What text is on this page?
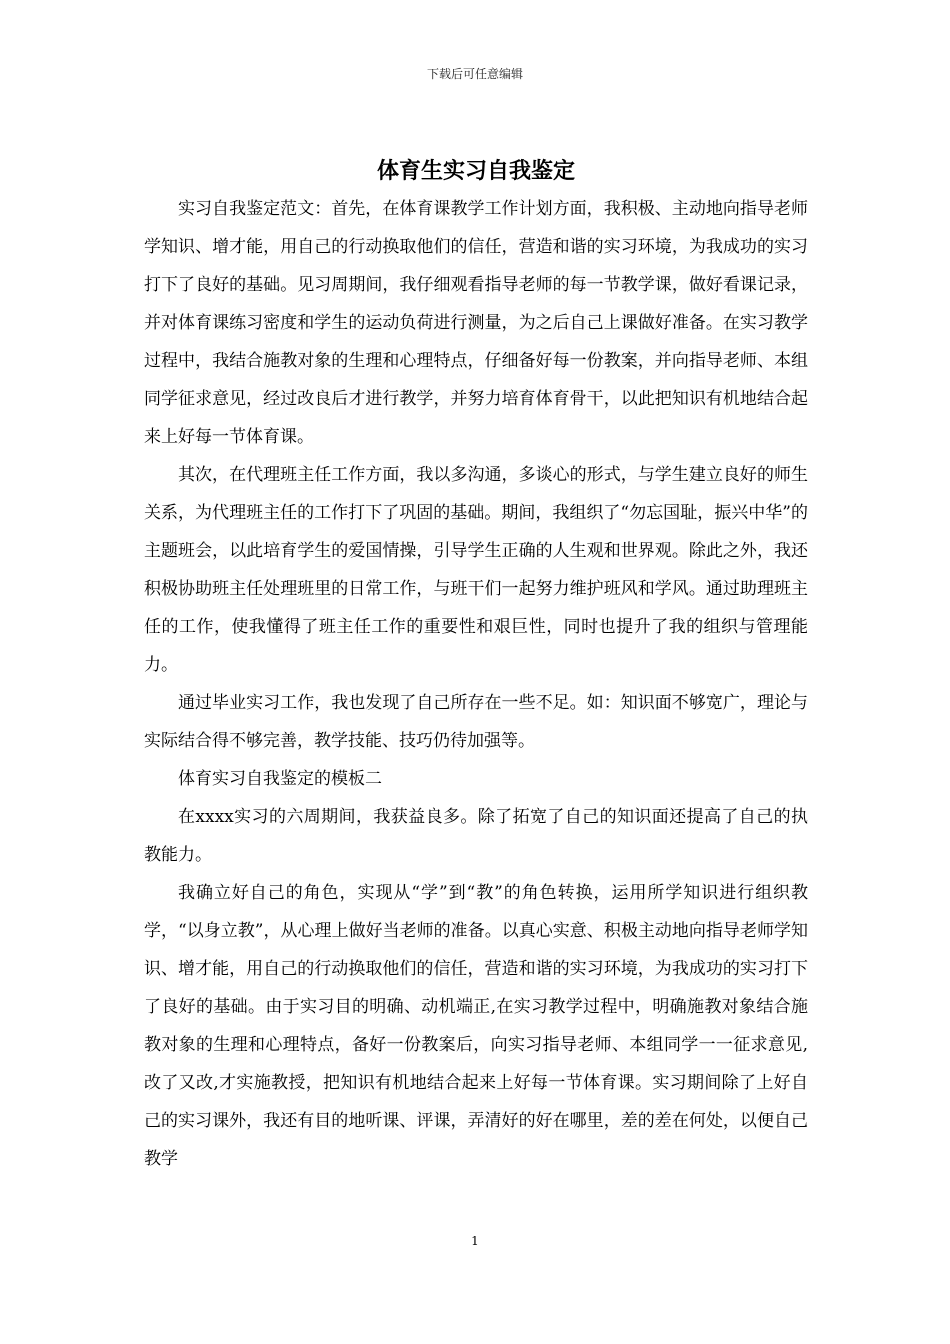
下载后可任意编辑
体育生实习自我鉴定

实习自我鉴定范文：首先，在体育课教学工作计划方面，我积极、主动地向指导老师学知识、增才能，用自己的行动换取他们的信任，营造和谐的实习环境，为我成功的实习打下了良好的基础。见习周期间，我仔细观看指导老师的每一节教学课，做好看课记录，并对体育课练习密度和学生的运动负荷进行测量，为之后自己上课做好准备。在实习教学过程中，我结合施教对象的生理和心理特点，仔细备好每一份教案，并向指导老师、本组同学征求意见，经过改良后才进行教学，并努力培育体育骨干，以此把知识有机地结合起来上好每一节体育课。

其次，在代理班主任工作方面，我以多沟通，多谈心的形式，与学生建立良好的师生关系，为代理班主任的工作打下了巩固的基础。期间，我组织了“勿忘国耻，振兴中华”的主题班会，以此培育学生的爱国情操，引导学生正确的人生观和世界观。除此之外，我还积极协助班主任处理班里的日常工作，与班干们一起努力维护班风和学风。通过助理班主任的工作，使我懂得了班主任工作的重要性和艰巨性，同时也提升了我的组织与管理能力。

通过毕业实习工作，我也发现了自己所存在一些不足。如：知识面不够宽广，理论与实际结合得不够完善，教学技能、技巧仍待加强等。

体育实习自我鉴定的模板二

在xxxx实习的六周期间，我获益良多。除了拓宽了自己的知识面还提高了自己的执教能力。

我确立好自己的角色，实现从“学”到“教”的角色转换，运用所学知识进行组织教学，“以身立教”，从心理上做好当老师的准备。以真心实意、积极主动地向指导老师学知识、增才能，用自己的行动换取他们的信任，营造和谐的实习环境，为我成功的实习打下了良好的基础。由于实习目的明确、动机端正,在实习教学过程中，明确施教对象结合施教对象的生理和心理特点，备好一份教案后，向实习指导老师、本组同学一一征求意见,改了又改,才实施教授，把知识有机地结合起来上好每一节体育课。实习期间除了上好自己的实习课外，我还有目的地听课、评课，弄清好的好在哪里，差的差在何处，以便自己教学

1
